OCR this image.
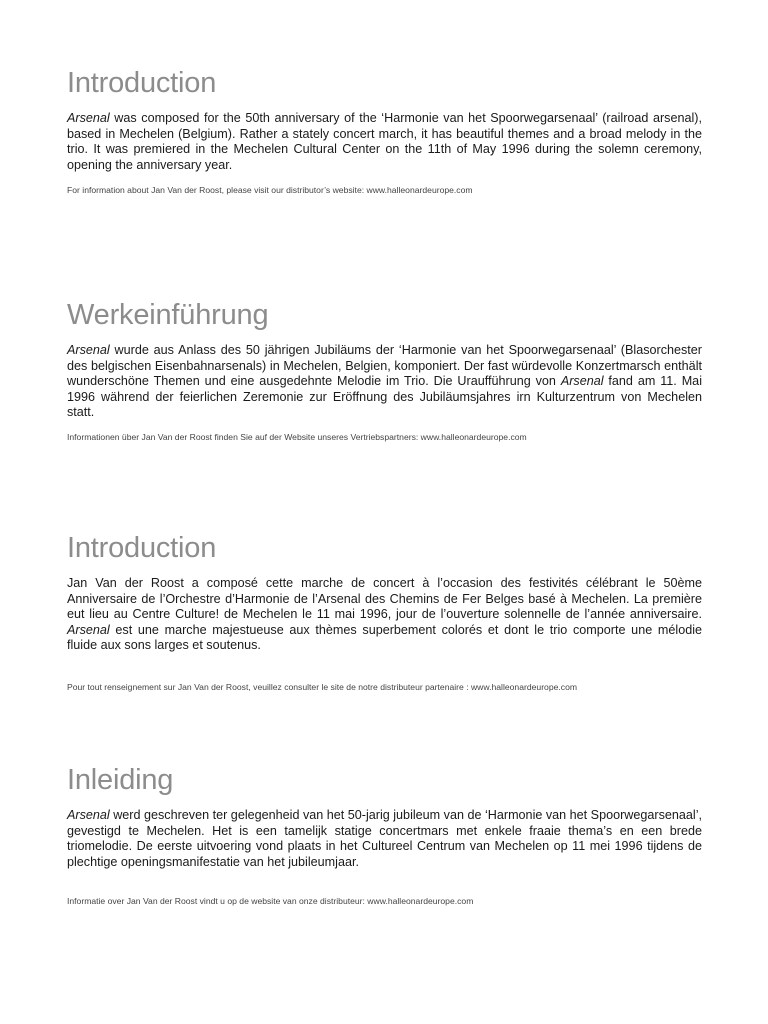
Introduction

Arsenal was composed for the 50th anniversary of the ‘Harmonie van het Spoorwegarsenaal’ (railroad arsenal), based in Mechelen (Belgium). Rather a stately concert march, it has beautiful themes and a broad melody in the trio. It was premiered in the Mechelen Cultural Center on the 11th of May 1996 during the solemn ceremony, opening the anniversary year.

For information about Jan Van der Roost, please visit our distributor’s website: www.halleonardeurope.com

Werkeinführung

Arsenal wurde aus Anlass des 50 jährigen Jubiläums der ‘Harmonie van het Spoorwegarsenaal’ (Blasorchester des belgischen Eisenbahnarsenals) in Mechelen, Belgien, komponiert. Der fast würdevolle Konzertmarsch enthält wunderschöne Themen und eine ausgedehnte Melodie im Trio. Die Uraufführung von Arsenal fand am 11. Mai 1996 während der feierlichen Zeremonie zur Eröffnung des Jubiläumsjahres irn Kulturzentrum von Mechelen statt.

Informationen über Jan Van der Roost finden Sie auf der Website unseres Vertriebspartners: www.halleonardeurope.com

Introduction

Jan Van der Roost a composé cette marche de concert à l’occasion des festivités célébrant le 50ème Anniversaire de l’Orchestre d’Harmonie de l’Arsenal des Chemins de Fer Belges basé à Mechelen. La première eut lieu au Centre Culture! de Mechelen le 11 mai 1996, jour de l’ouverture solennelle de l’année anniversaire. Arsenal est une marche majestueuse aux thèmes superbement colorés et dont le trio comporte une mélodie fluide aux sons larges et soutenus.

Pour tout renseignement sur Jan Van der Roost, veuillez consulter le site de notre distributeur partenaire : www.halleonardeurope.com

Inleiding

Arsenal werd geschreven ter gelegenheid van het 50-jarig jubileum van de ‘Harmonie van het Spoorwegarsenaal’, gevestigd te Mechelen. Het is een tamelijk statige concertmars met enkele fraaie thema’s en een brede triomelodie. De eerste uitvoering vond plaats in het Cultureel Centrum van Mechelen op 11 mei 1996 tijdens de plechtige openingsmanifestatie van het jubileumjaar.

Informatie over Jan Van der Roost vindt u op de website van onze distributeur: www.halleonardeurope.com
